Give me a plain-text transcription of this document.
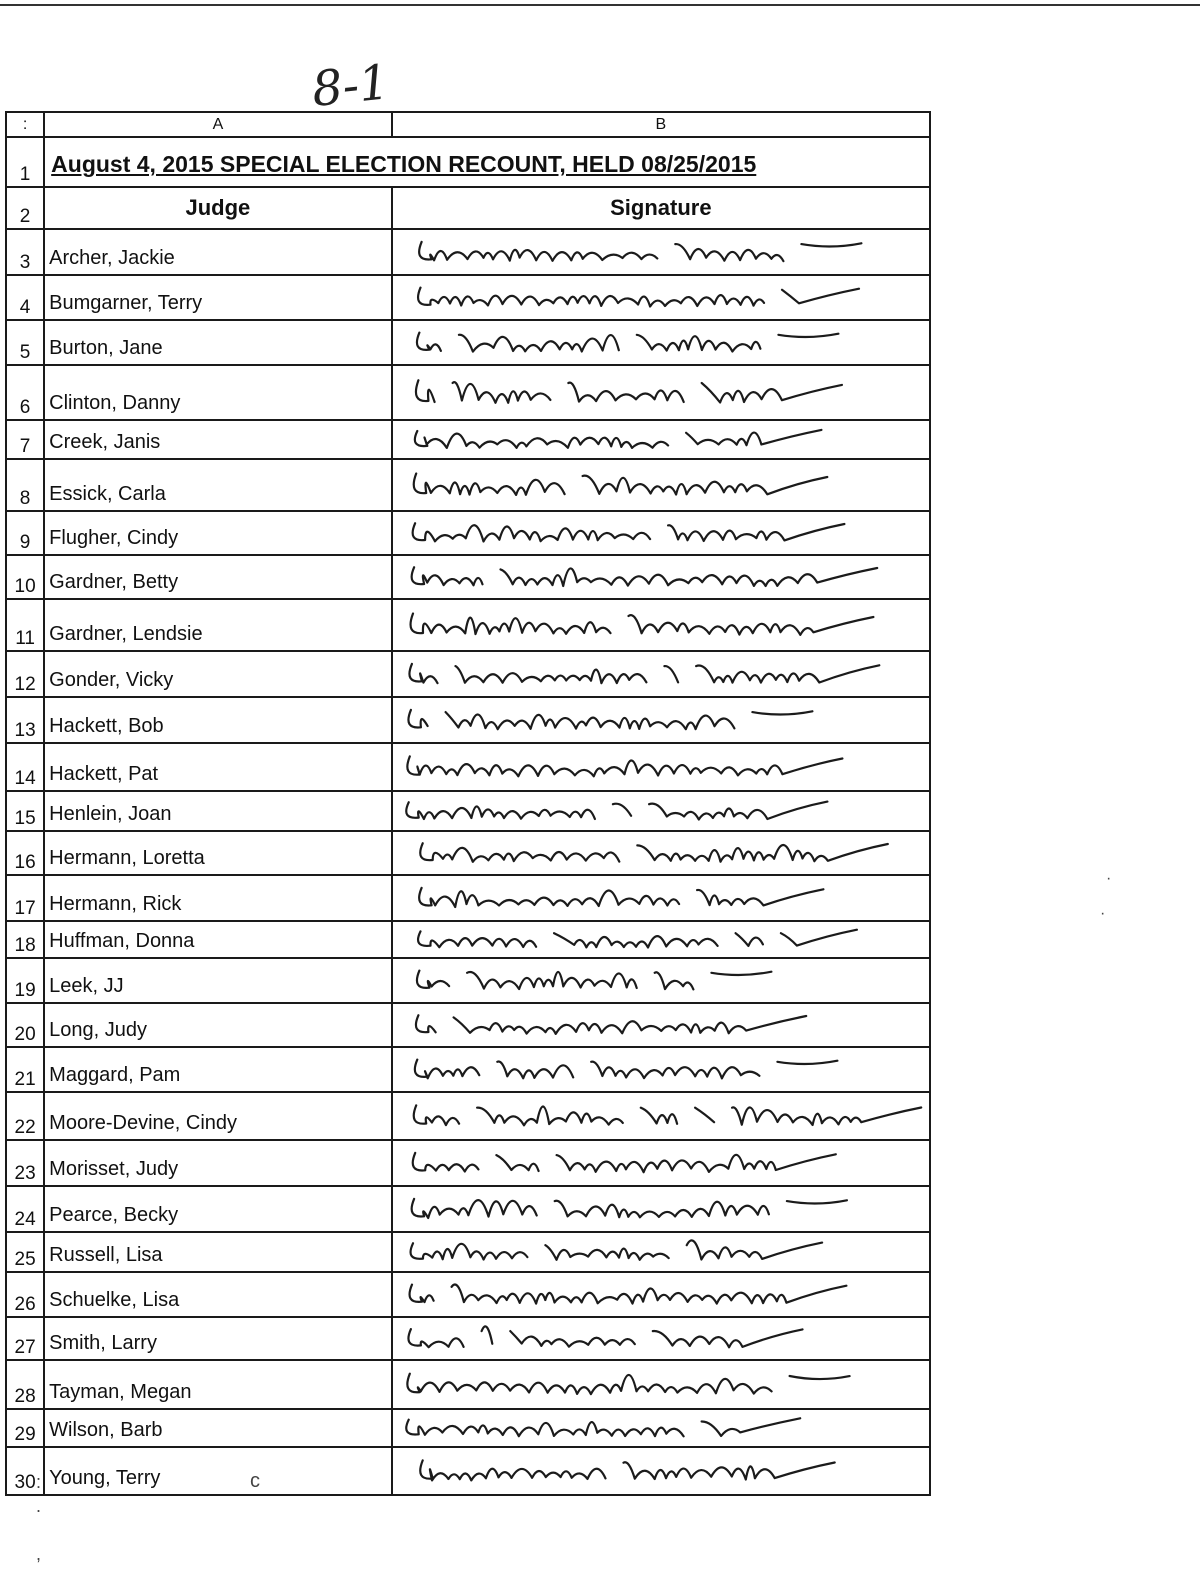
8-1
:	A	B
1	August 4, 2015 SPECIAL ELECTION RECOUNT, HELD 08/25/2015	
2	Judge	Signature
3	Archer, Jackie	

4	Bumgarner, Terry	

5	Burton, Jane	

6	Clinton, Danny	

7	Creek, Janis	

8	Essick, Carla	

9	Flugher, Cindy	

10	Gardner, Betty	

11	Gardner, Lendsie	

12	Gonder, Vicky	

13	Hackett, Bob	

14	Hackett, Pat	

15	Henlein, Joan	

16	Hermann, Loretta	

17	Hermann, Rick	

18	Huffman, Donna	

19	Leek, JJ	

20	Long, Judy	

21	Maggard, Pam	

22	Moore-Devine, Cindy	

23	Morisset, Judy	

24	Pearce, Becky	

25	Russell, Lisa	

26	Schuelke, Lisa	

27	Smith, Larry	

28	Tayman, Megan	

29	Wilson, Barb	

30	Young, Terry	
:
.

,
c
·
·
